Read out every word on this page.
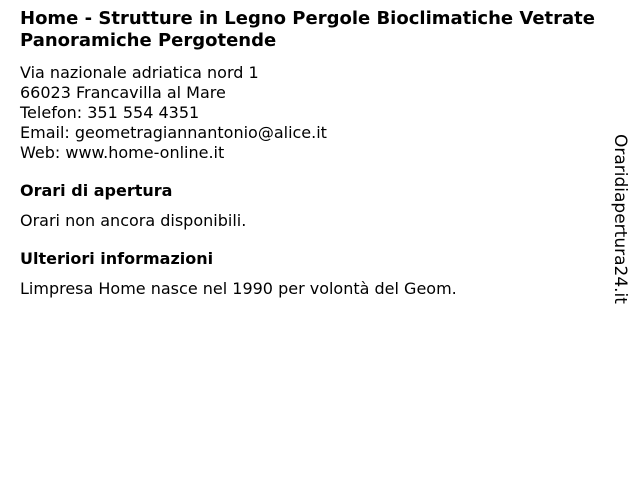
Home - Strutture in Legno Pergole Bioclimatiche Vetrate Panoramiche Pergotende
Via nazionale adriatica nord 1
66023 Francavilla al Mare
Telefon: 351 554 4351
Email: geometragiannantonio@alice.it
Web: www.home-online.it
Orari di apertura

Orari non ancora disponibili.

Ulteriori informazioni

Limpresa Home nasce nel 1990 per volontà del Geom.	Oraridiapertura24.it
